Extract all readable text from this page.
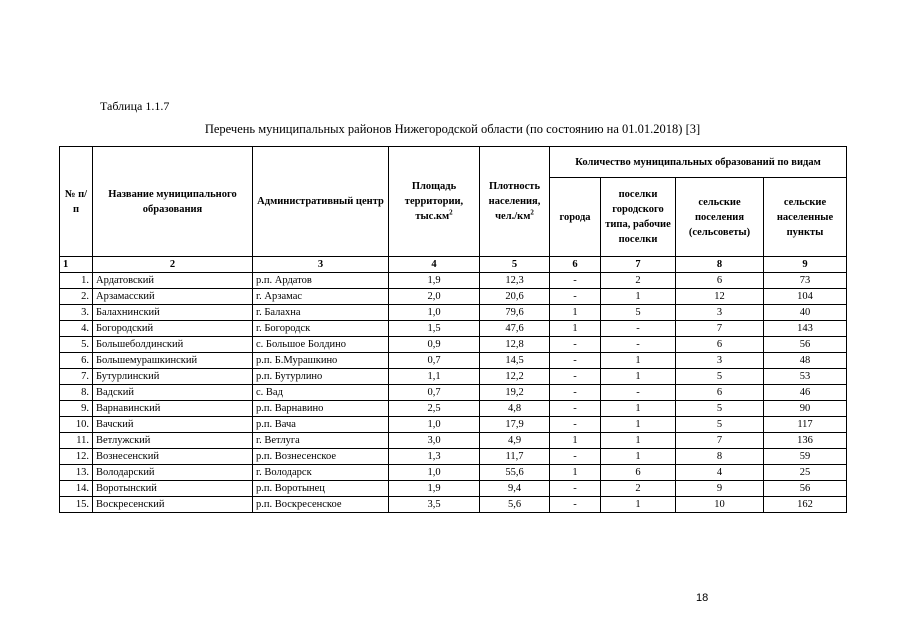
Таблица 1.1.7
Перечень муниципальных районов Нижегородской области (по состоянию на 01.01.2018) [3]
№ п/п	Название муниципального образования	Административный центр	Площадь территории, $тыс.км^2$	Плотность населения, $чел./км^2$	Количество муниципальных образований по видам			
					города	поселки городского типа, рабочие поселки	сельские поселения (сельсоветы)	сельские населенные пункты
1	2	3	4	5	6	7	8	9
1.	Ардатовский	р.п. Ардатов	1,9	12,3	-	2	6	73
2.	Арзамасский	г. Арзамас	2,0	20,6	-	1	12	104
3.	Балахнинский	г. Балахна	1,0	79,6	1	5	3	40
4.	Богородский	г. Богородск	1,5	47,6	1	-	7	143
5.	Большеболдинский	с. Большое Болдино	0,9	12,8	-	-	6	56
6.	Большемурашкинский	р.п. Б.Мурашкино	0,7	14,5	-	1	3	48
7.	Бутурлинский	р.п. Бутурлино	1,1	12,2	-	1	5	53
8.	Вадский	с. Вад	0,7	19,2	-	-	6	46
9.	Варнавинский	р.п. Варнавино	2,5	4,8	-	1	5	90
10.	Вачский	р.п. Вача	1,0	17,9	-	1	5	117
11.	Ветлужский	г. Ветлуга	3,0	4,9	1	1	7	136
12.	Вознесенский	р.п. Вознесенское	1,3	11,7	-	1	8	59
13.	Володарский	г. Володарск	1,0	55,6	1	6	4	25
14.	Воротынский	р.п. Воротынец	1,9	9,4	-	2	9	56
15.	Воскресенский	р.п. Воскресенское	3,5	5,6	-	1	10	162
18
